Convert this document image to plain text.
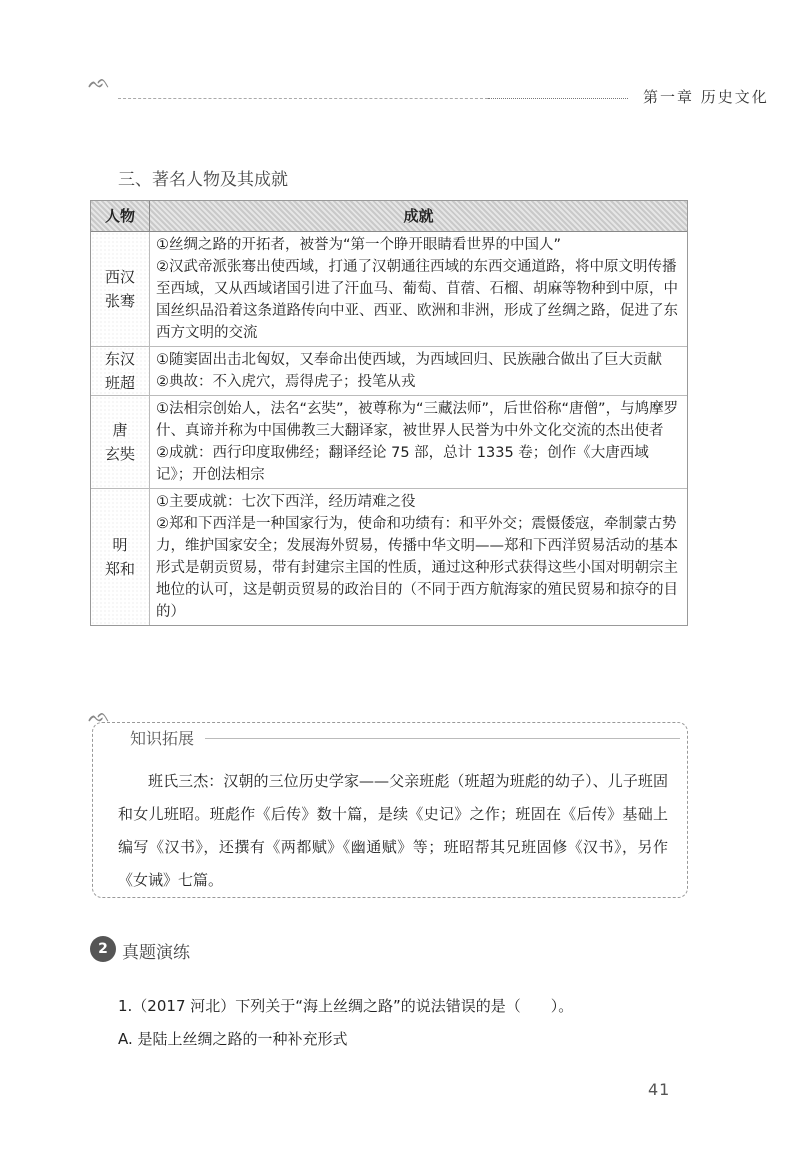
ᨒ
第一章 历史文化
三、著名人物及其成就
人物	成就
西汉
张骞

①丝绸之路的开拓者，被誉为“第一个睁开眼睛看世界的中国人”

②汉武帝派张骞出使西域，打通了汉朝通往西域的东西交通道路，将中原文明传播至西域，又从西域诸国引进了汗血马、葡萄、苜蓿、石榴、胡麻等物种到中原，中国丝织品沿着这条道路传向中亚、西亚、欧洲和非洲，形成了丝绸之路，促进了东西方文明的交流

东汉
班超

①随窦固出击北匈奴，又奉命出使西域，为西域回归、民族融合做出了巨大贡献

②典故：不入虎穴，焉得虎子；投笔从戎

唐
玄奘

①法相宗创始人，法名“玄奘”，被尊称为“三藏法师”，后世俗称“唐僧”，与鸠摩罗什、真谛并称为中国佛教三大翻译家，被世界人民誉为中外文化交流的杰出使者

②成就：西行印度取佛经；翻译经论 75 部，总计 1335 卷；创作《大唐西域记》；开创法相宗

明
郑和

①主要成就：七次下西洋，经历靖难之役

②郑和下西洋是一种国家行为，使命和功绩有：和平外交；震慑倭寇，牵制蒙古势力，维护国家安全；发展海外贸易，传播中华文明——郑和下西洋贸易活动的基本形式是朝贡贸易，带有封建宗主国的性质，通过这种形式获得这些小国对明朝宗主地位的认可，这是朝贡贸易的政治目的（不同于西方航海家的殖民贸易和掠夺的目的）

ᨒ
知识拓展
班氏三杰：汉朝的三位历史学家——父亲班彪（班超为班彪的幼子）、儿子班固和女儿班昭。班彪作《后传》数十篇，是续《史记》之作；班固在《后传》基础上编写《汉书》，还撰有《两都赋》《幽通赋》等；班昭帮其兄班固修《汉书》，另作《女诫》七篇。
2 真题演练
1.（2017 河北）下列关于“海上丝绸之路”的说法错误的是（　　）。
A. 是陆上丝绸之路的一种补充形式
41
